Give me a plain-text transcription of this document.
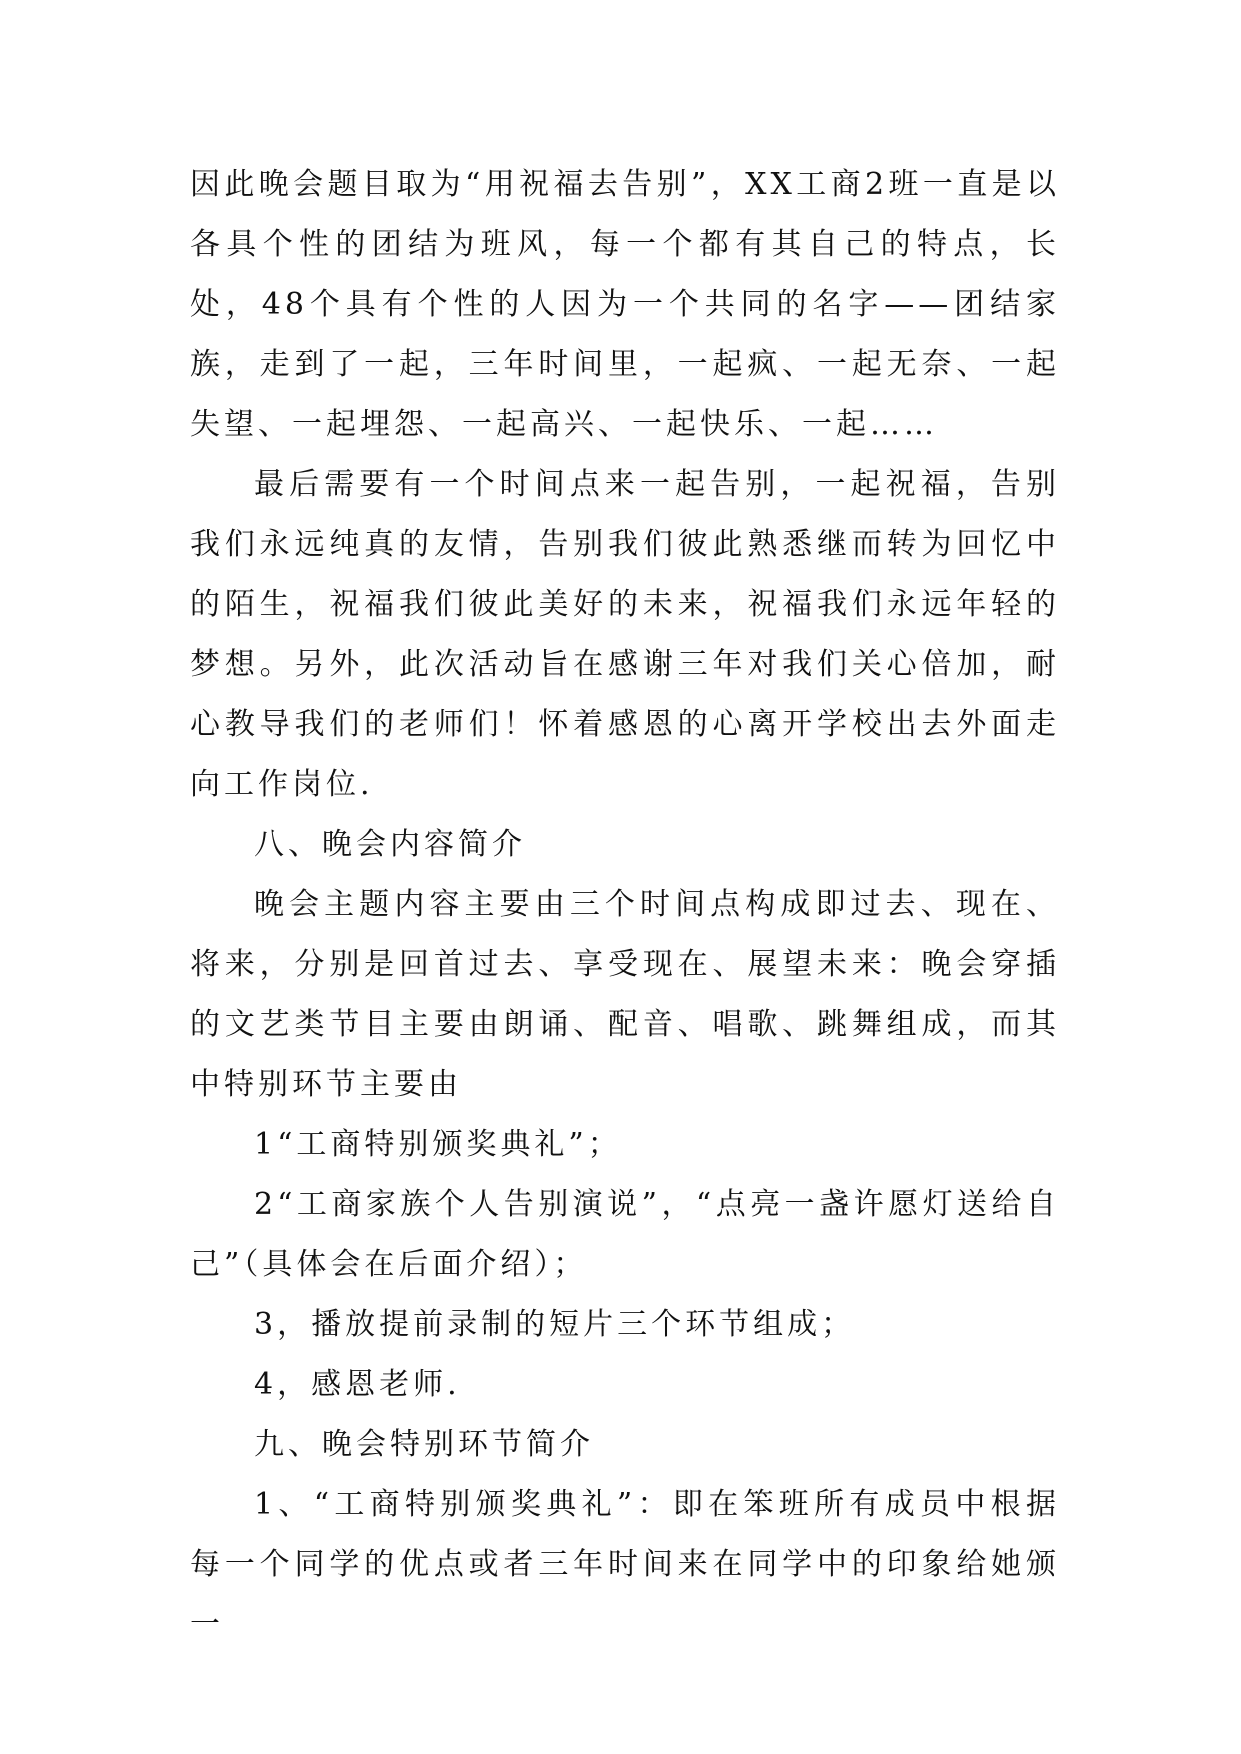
因此晚会题目取为“用祝福去告别”，XX工商2班一直是以各具个性的团结为班风，每一个都有其自己的特点，长处，48个具有个性的人因为一个共同的名字——团结家族，走到了一起，三年时间里，一起疯、一起无奈、一起失望、一起埋怨、一起高兴、一起快乐、一起……

最后需要有一个时间点来一起告别，一起祝福，告别我们永远纯真的友情，告别我们彼此熟悉继而转为回忆中的陌生，祝福我们彼此美好的未来，祝福我们永远年轻的梦想。另外，此次活动旨在感谢三年对我们关心倍加，耐心教导我们的老师们！怀着感恩的心离开学校出去外面走向工作岗位.

八、晚会内容简介

晚会主题内容主要由三个时间点构成即过去、现在、将来，分别是回首过去、享受现在、展望未来：晚会穿插的文艺类节目主要由朗诵、配音、唱歌、跳舞组成，而其中特别环节主要由

1“工商特别颁奖典礼”；

2“工商家族个人告别演说”，“点亮一盏许愿灯送给自己”（具体会在后面介绍）；

3，播放提前录制的短片三个环节组成；

4，感恩老师.

九、晚会特别环节简介

1、“工商特别颁奖典礼”：即在笨班所有成员中根据每一个同学的优点或者三年时间来在同学中的印象给她颁一
